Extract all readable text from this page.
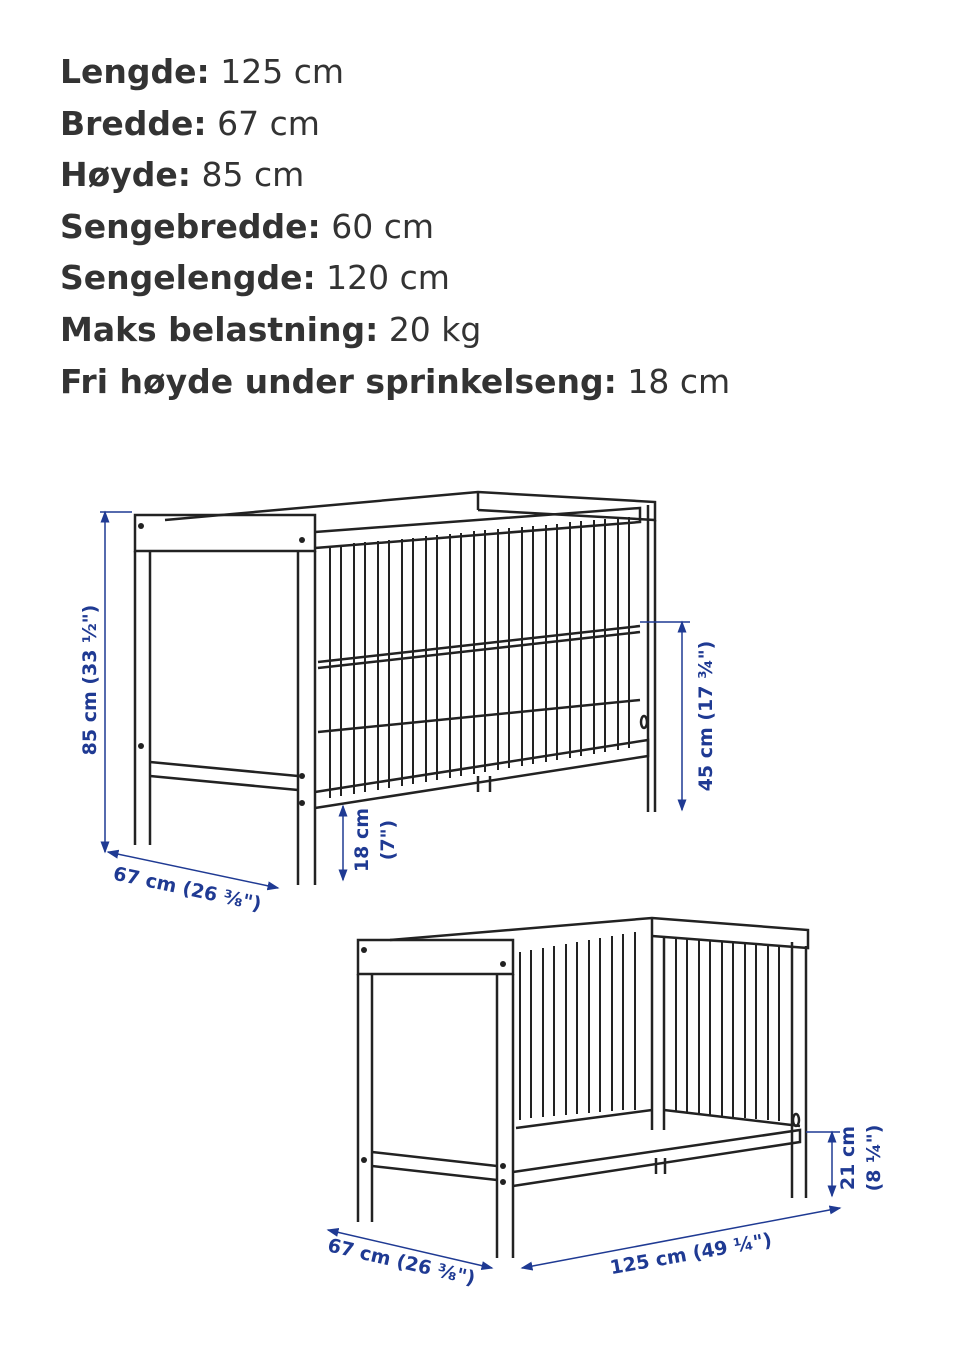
Lengde: 125 cm
Bredde: 67 cm
Høyde: 85 cm
Sengebredde: 60 cm
Sengelengde: 120 cm
Maks belastning: 20 kg
Fri høyde under sprinkelseng: 18 cm
85 cm (33 ½")
67 cm (26 ⅜")
18 cm (7")
45 cm (17 ¾")
67 cm (26 ⅜")	125 cm (49 ¼")
21 cm (8 ¼")
